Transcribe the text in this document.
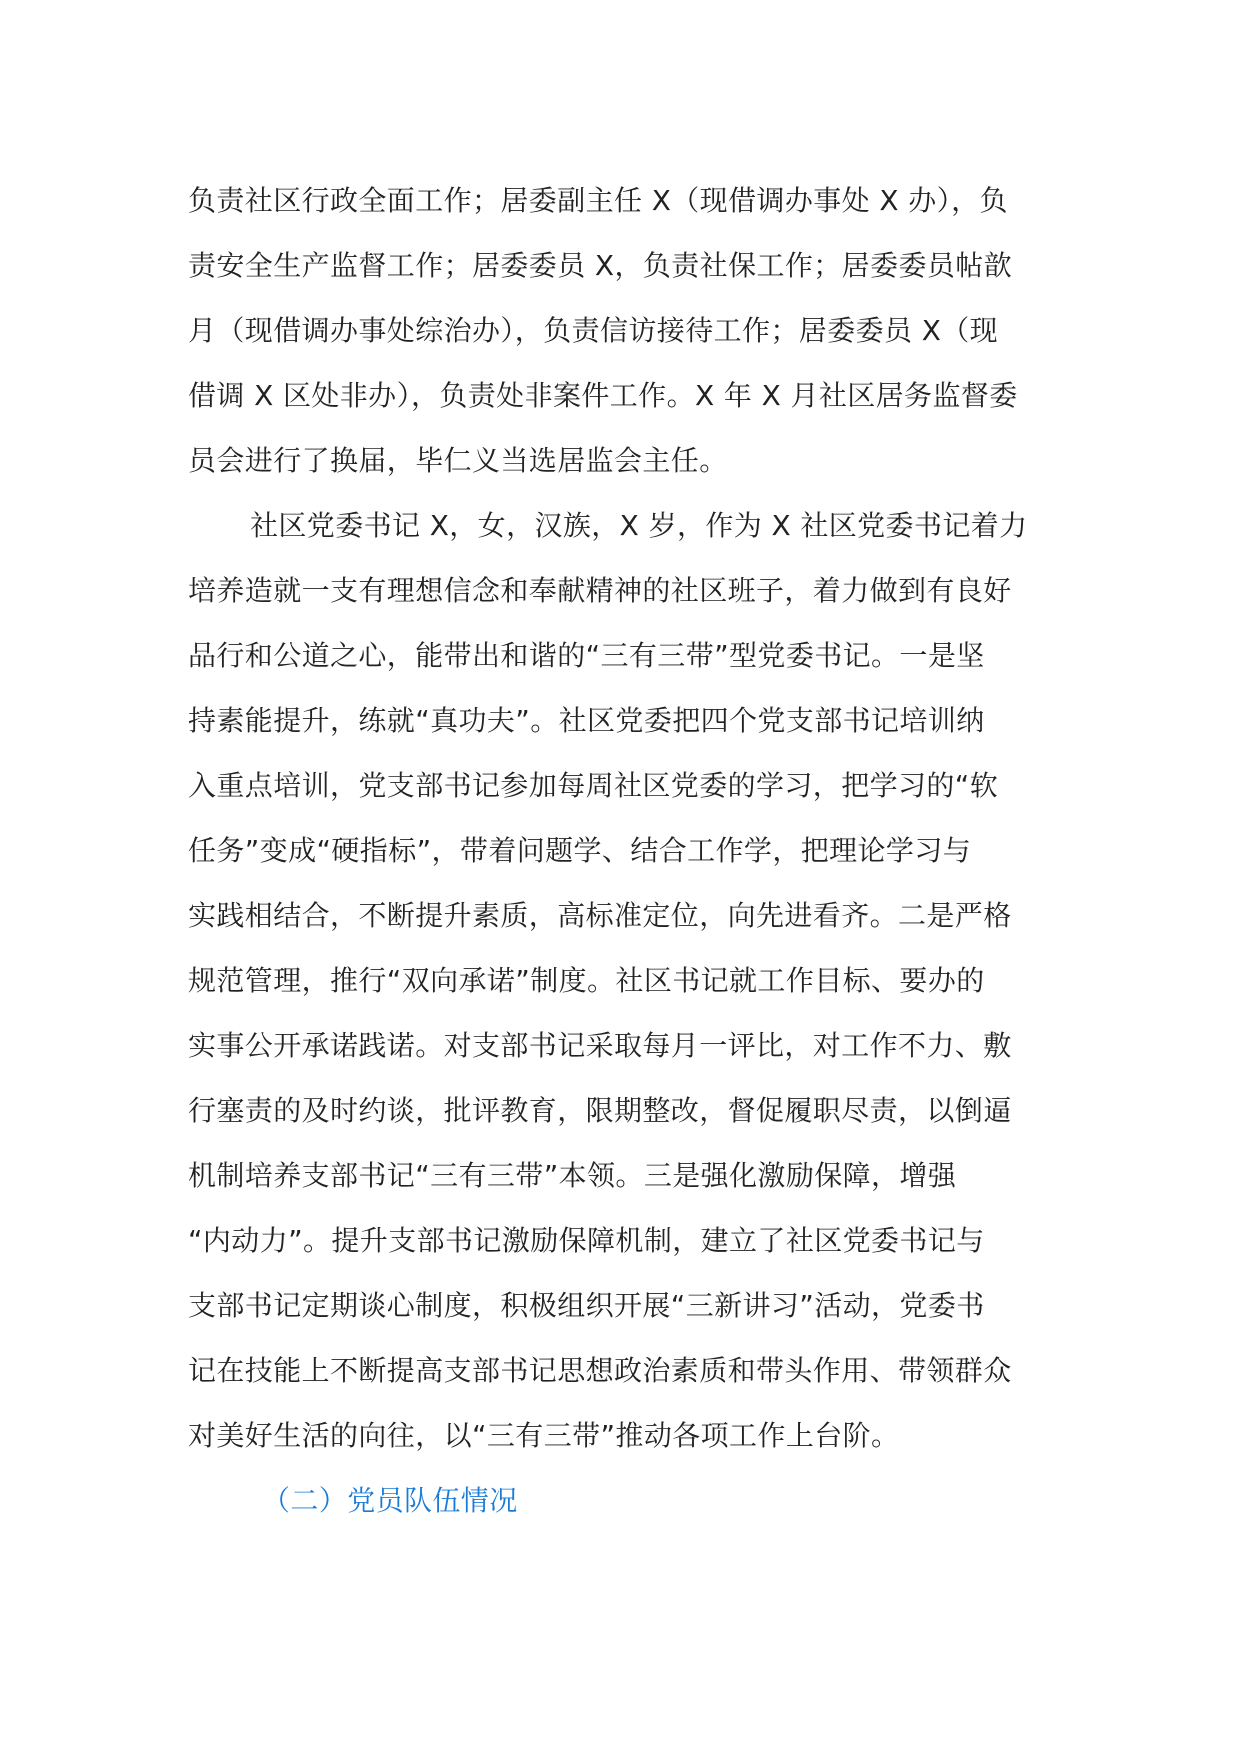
负责社区行政全面工作；居委副主任 X（现借调办事处 X 办），负
责安全生产监督工作；居委委员 X，负责社保工作；居委委员帖歆
月（现借调办事处综治办），负责信访接待工作；居委委员 X（现
借调 X 区处非办），负责处非案件工作。X 年 X 月社区居务监督委
员会进行了换届，毕仁义当选居监会主任。
社区党委书记 X，女，汉族，X 岁，作为 X 社区党委书记着力
培养造就一支有理想信念和奉献精神的社区班子，着力做到有良好
品行和公道之心，能带出和谐的“三有三带”型党委书记。一是坚
持素能提升，练就“真功夫”。社区党委把四个党支部书记培训纳
入重点培训，党支部书记参加每周社区党委的学习，把学习的“软
任务”变成“硬指标”，带着问题学、结合工作学，把理论学习与
实践相结合，不断提升素质，高标准定位，向先进看齐。二是严格
规范管理，推行“双向承诺”制度。社区书记就工作目标、要办的
实事公开承诺践诺。对支部书记采取每月一评比，对工作不力、敷
行塞责的及时约谈，批评教育，限期整改，督促履职尽责，以倒逼
机制培养支部书记“三有三带”本领。三是强化激励保障，增强
“内动力”。提升支部书记激励保障机制，建立了社区党委书记与
支部书记定期谈心制度，积极组织开展“三新讲习”活动，党委书
记在技能上不断提高支部书记思想政治素质和带头作用、带领群众
对美好生活的向往，以“三有三带”推动各项工作上台阶。
（二）党员队伍情况
